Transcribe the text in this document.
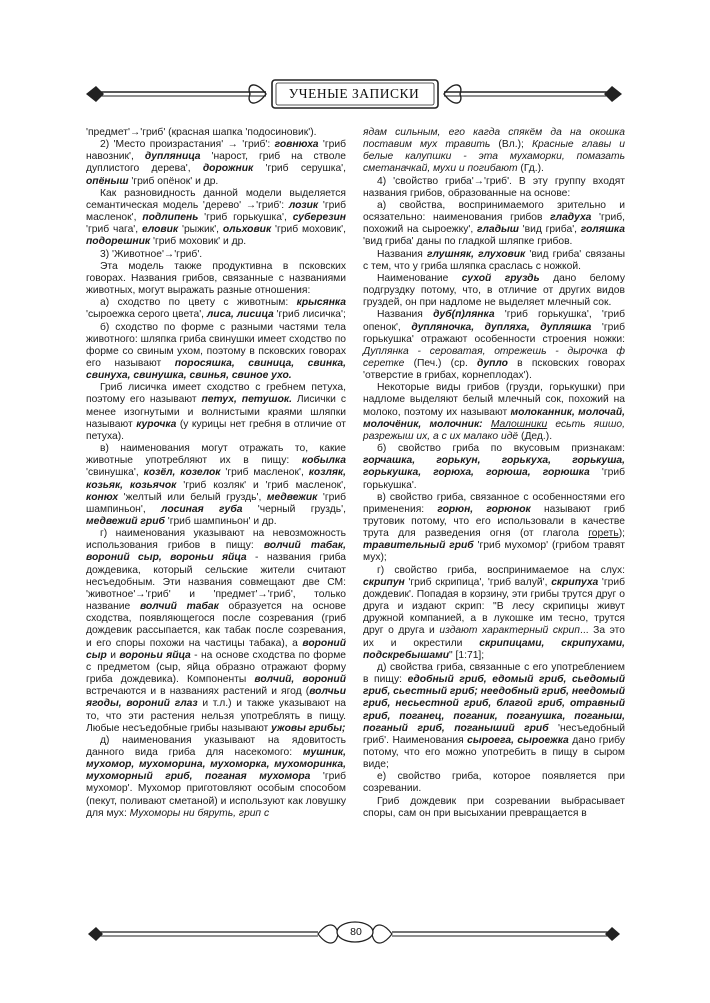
УЧЕНЫЕ ЗАПИСКИ

'предмет'→'гриб' (красная шапка 'подосиновик').

2) 'Место произрастания' → 'гриб': говнюха 'гриб навозник', дупляница 'нарост, гриб на стволе дуплистого дерева', дорожник 'гриб серушка', опёныш 'гриб опёнок' и др.

Как разновидность данной модели выделяется семантическая модель 'дерево' →'гриб': лозик 'гриб масленок', подлипень 'гриб горькушка', суберезин 'гриб чага', еловик 'рыжик', ольховик 'гриб моховик', подорешник 'гриб моховик' и др.

3) 'Животное'→'гриб'.

Эта модель также продуктивна в псковских говорах. Названия грибов, связанные с названиями животных, могут выражать разные отношения:

а) сходство по цвету с животным: крысянка 'сыроежка серого цвета', лиса, лисица 'гриб лисичка';

б) сходство по форме с разными частями тела животного: шляпка гриба свинушки имеет сходство по форме со свиным ухом, поэтому в псковских говорах его называют поросяшка, свиница, свинка, свинуха, свинушка, свинья, свиное ухо.

Гриб лисичка имеет сходство с гребнем петуха, поэтому его называют петух, петушок. Лисички с менее изогнутыми и волнистыми краями шляпки называют курочка (у курицы нет гребня в отличие от петуха).

в) наименования могут отражать то, какие животные употребляют их в пищу: кобылка 'свинушка', козёл, козелок 'гриб масленок', козляк, козьяк, козьячок 'гриб козляк' и 'гриб масленок', конюх 'желтый или белый груздь', медвежик 'гриб шампиньон', лосиная губа 'черный груздь', медвежий гриб 'гриб шампиньон' и др.

г) наименования указывают на невозможность использования грибов в пищу: волчий табак, вороний сыр, вороньи яйца - названия гриба дождевика, который сельские жители считают несъедобным. Эти названия совмещают две СМ: 'животное'→'гриб' и 'предмет'→'гриб', только название волчий табак образуется на основе сходства, появляющегося после созревания (гриб дождевик рассыпается, как табак после созревания, и его споры похожи на частицы табака), а вороний сыр и вороньи яйца - на основе сходства по форме с предметом (сыр, яйца образно отражают форму гриба дождевика). Компоненты волчий, вороний встречаются и в названиях растений и ягод (волчьи ягоды, вороний глаз и т.л.) и также указывают на то, что эти растения нельзя употреблять в пищу. Любые несъедобные грибы называют ужовы грибы;

д) наименования указывают на ядовитость данного вида гриба для насекомого: мушник, мухомор, мухоморина, мухоморка, мухоморинка, мухоморный гриб, поганая мухомора 'гриб мухомор'. Мухомор приготовляют особым способом (пекут, поливают сметаной) и используют как ловушку для мух: Мухоморы ни бяруть, грип с

ядам сильным, его кагда спякём да на окошка поставим мух травить (Вл.); Красные главы и белые калупшки - эта мухаморки, помазать сметаначкай, мухи и погибают (Гд.).

4) 'свойство гриба'→'гриб'. В эту группу входят названия грибов, образованные на основе:

а) свойства, воспринимаемого зрительно и осязательно: наименования грибов гладуха 'гриб, похожий на сыроежку', гладыш 'вид гриба', голяшка 'вид гриба' даны по гладкой шляпке грибов.

Названия глушняк, глуховик 'вид гриба' связаны с тем, что у гриба шляпка сраслась с ножкой.

Наименование сухой груздь дано белому подгруздку потому, что, в отличие от других видов груздей, он при надломе не выделяет млечный сок.

Названия дуб(п)лянка 'гриб горькушка', 'гриб опенок', дупляночка, дупляха, дупляшка 'гриб горькушка' отражают особенности строения ножки: Дуплянка - сероватая, отрежешь - дырочка ф серетке (Печ.) (ср. дупло в псковских говорах 'отверстие в грибах, корнеплодах').

Некоторые виды грибов (грузди, горькушки) при надломе выделяют белый млечный сок, похожий на молоко, поэтому их называют молоканник, молочай, молочёник, молочник: Малошники есьть яшшо, разрежыш их, а с их малако идё (Дед.).

б) свойство гриба по вкусовым признакам: горчашка, горькун, горькуха, горькуша, горькушка, горюха, горюша, горюшка 'гриб горькушка'.

в) свойство гриба, связанное с особенностями его применения: горюн, горюнок называют гриб трутовик потому, что его использовали в качестве трута для разведения огня (от глагола гореть); травительный гриб 'гриб мухомор' (грибом травят мух);

г) свойство гриба, воспринимаемое на слух: скрипун 'гриб скрипица', 'гриб валуй', скрипуха 'гриб дождевик'. Попадая в корзину, эти грибы трутся друг о друга и издают скрип: "В лесу скрипицы живут дружной компанией, а в лукошке им тесно, трутся друг о друга и издают характерный скрип... За это их и окрестили скрипицами, скрипухами, подскребышами" [1:71];

д) свойства гриба, связанные с его употреблением в пищу: едобный гриб, едомый гриб, сьедомый гриб, сьестный гриб; неедобный гриб, неедомый гриб, несьестной гриб, благой гриб, отравный гриб, поганец, поганик, поганушка, поганыш, поганый гриб, поганыший гриб 'несъедобный гриб'. Наименования сыроега, сыроежка дано грибу потому, что его можно употребить в пищу в сыром виде;

е) свойство гриба, которое появляется при созревании.

Гриб дождевик при созревании выбрасывает споры, сам он при высыхании превращается в

80
